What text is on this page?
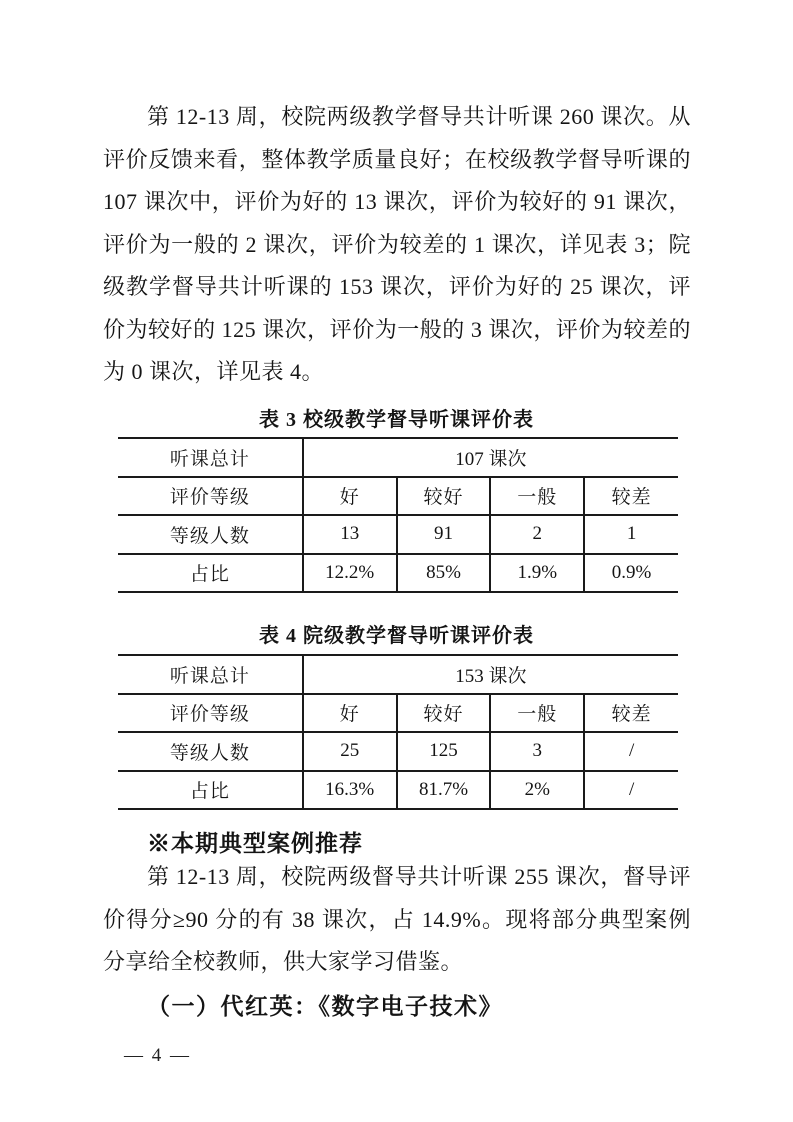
第 12-13 周，校院两级教学督导共计听课 260 课次。从评价反馈来看，整体教学质量良好；在校级教学督导听课的 107 课次中，评价为好的 13 课次，评价为较好的 91 课次，评价为一般的 2 课次，评价为较差的 1 课次，详见表 3；院级教学督导共计听课的 153 课次，评价为好的 25 课次，评价为较好的 125 课次，评价为一般的 3 课次，评价为较差的为 0 课次，详见表 4。

表 3 校级教学督导听课评价表
听课总计	107 课次			
评价等级	好	较好	一般	较差
等级人数	13	91	2	1
占比	12.2%	85%	1.9%	0.9%
表 4 院级教学督导听课评价表
听课总计	153 课次			
评价等级	好	较好	一般	较差
等级人数	25	125	3	/
占比	16.3%	81.7%	2%	/
※本期典型案例推荐

第 12-13 周，校院两级督导共计听课 255 课次，督导评价得分≥90 分的有 38 课次，占 14.9%。现将部分典型案例分享给全校教师，供大家学习借鉴。

（一）代红英：《数字电子技术》
— 4 —
